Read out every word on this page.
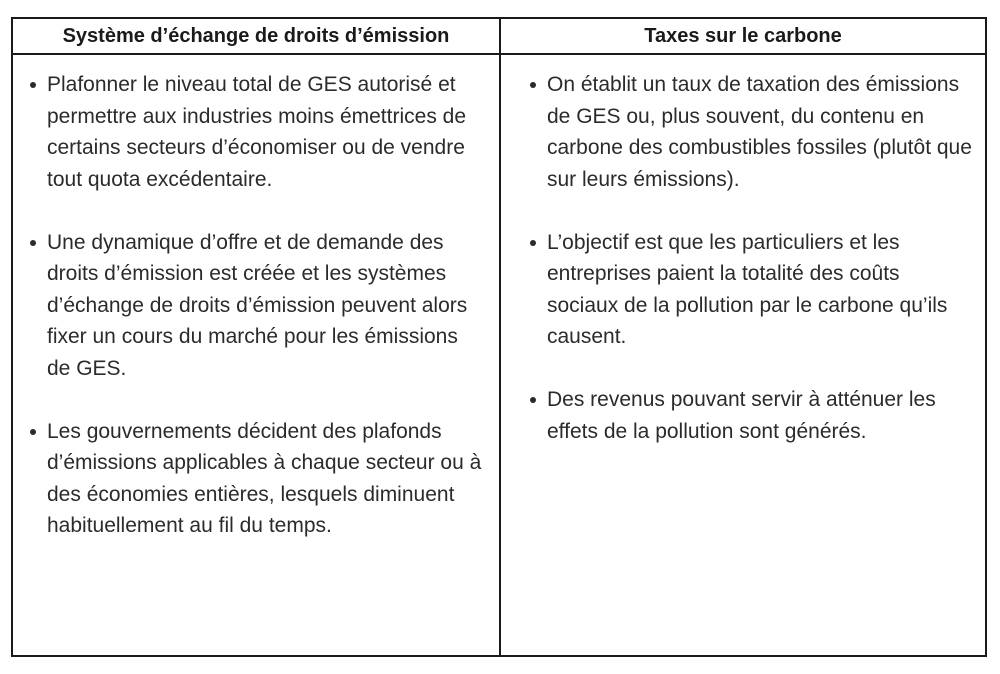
Système d’échange de droits d’émission	Taxes sur le carbone
Plafonner le niveau total de GES autorisé et permettre aux industries moins émettrices de certains secteurs d’économiser ou de vendre tout quota excédentaire.
Une dynamique d’offre et de demande des droits d’émission est créée et les systèmes d’échange de droits d’émission peuvent alors fixer un cours du marché pour les émissions de GES.
Les gouvernements décident des plafonds d’émissions applicables à chaque secteur ou à des économies entières, lesquels diminuent habituellement au fil du temps.
On établit un taux de taxation des émissions de GES ou, plus souvent, du contenu en carbone des combustibles fossiles (plutôt que sur leurs émissions).
L’objectif est que les particuliers et les entreprises paient la totalité des coûts sociaux de la pollution par le carbone qu’ils causent.
Des revenus pouvant servir à atténuer les effets de la pollution sont générés.
